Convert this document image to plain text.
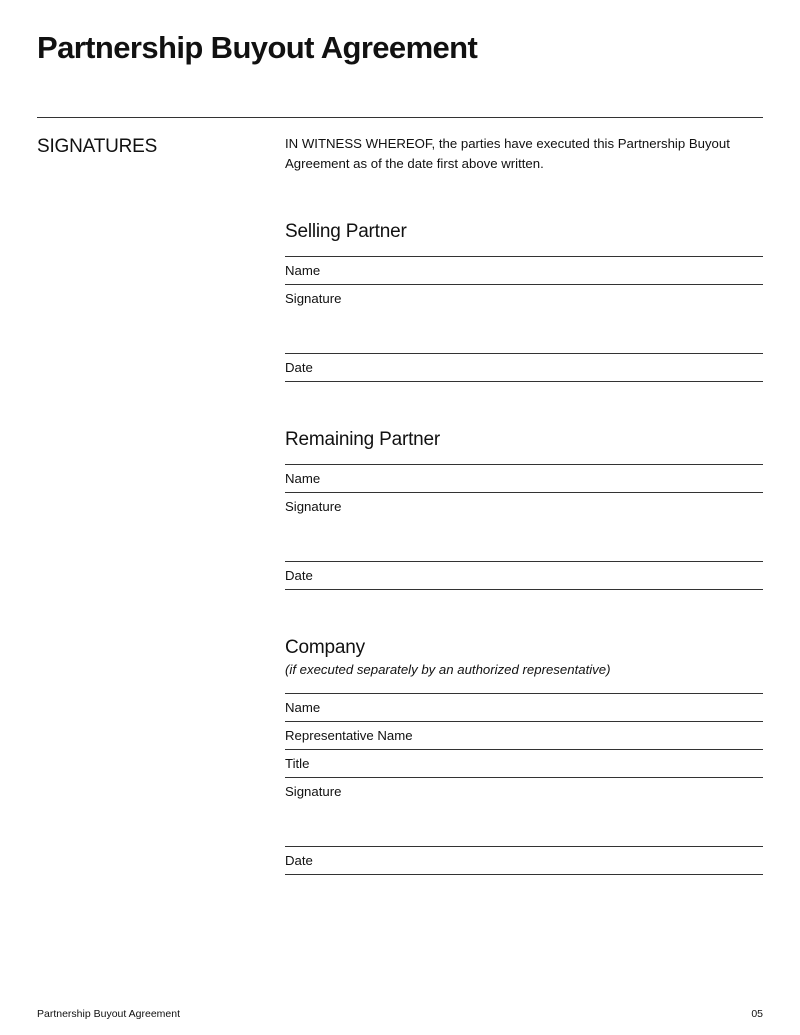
Partnership Buyout Agreement
SIGNATURES	IN WITNESS WHEREOF, the parties have executed this Partnership Buyout Agreement as of the date first above written.

Selling Partner
Name
Signature
Date
Remaining Partner
Name
Signature
Date
Company
(if executed separately by an authorized representative)
Name
Representative Name
Title
Signature
Date
Partnership Buyout Agreement	05
